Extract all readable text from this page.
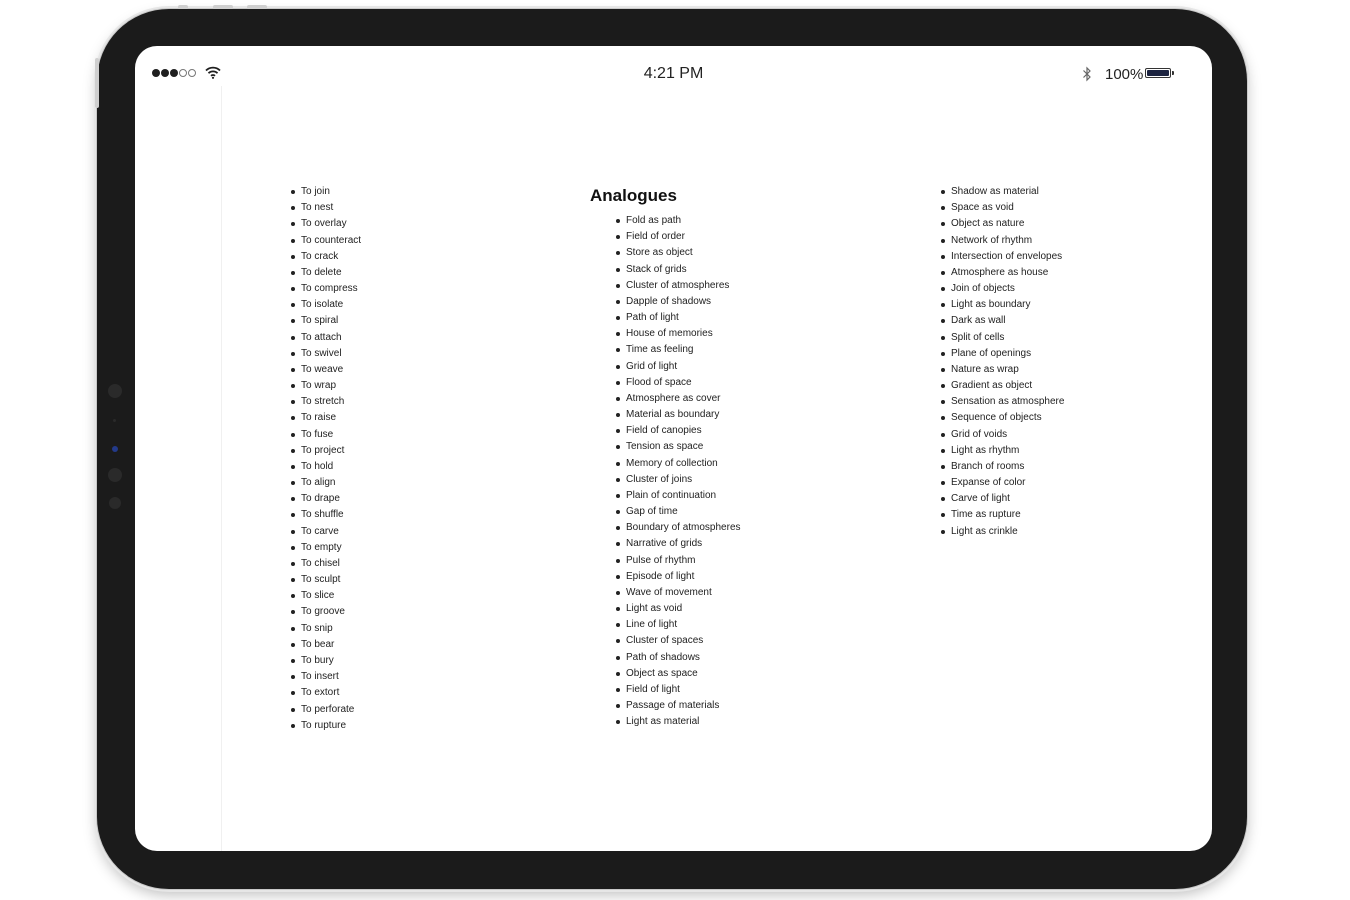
4:21 PM	100%
To join
To nest
To overlay
To counteract
To crack
To delete
To compress
To isolate
To spiral
To attach
To swivel
To weave
To wrap
To stretch
To raise
To fuse
To project
To hold
To align
To drape
To shuffle
To carve
To empty
To chisel
To sculpt
To slice
To groove
To snip
To bear
To bury
To insert
To extort
To perforate
To rupture
Analogues
Fold as path
Field of order
Store as object
Stack of grids
Cluster of atmospheres
Dapple of shadows
Path of light
House of memories
Time as feeling
Grid of light
Flood of space
Atmosphere as cover
Material as boundary
Field of canopies
Tension as space
Memory of collection
Cluster of joins
Plain of continuation
Gap of time
Boundary of atmospheres
Narrative of grids
Pulse of rhythm
Episode of light
Wave of movement
Light as void
Line of light
Cluster of spaces
Path of shadows
Object as space
Field of light
Passage of materials
Light as material
Shadow as material
Space as void
Object as nature
Network of rhythm
Intersection of envelopes
Atmosphere as house
Join of objects
Light as boundary
Dark as wall
Split of cells
Plane of openings
Nature as wrap
Gradient as object
Sensation as atmosphere
Sequence of objects
Grid of voids
Light as rhythm
Branch of rooms
Expanse of color
Carve of light
Time as rupture
Light as crinkle
